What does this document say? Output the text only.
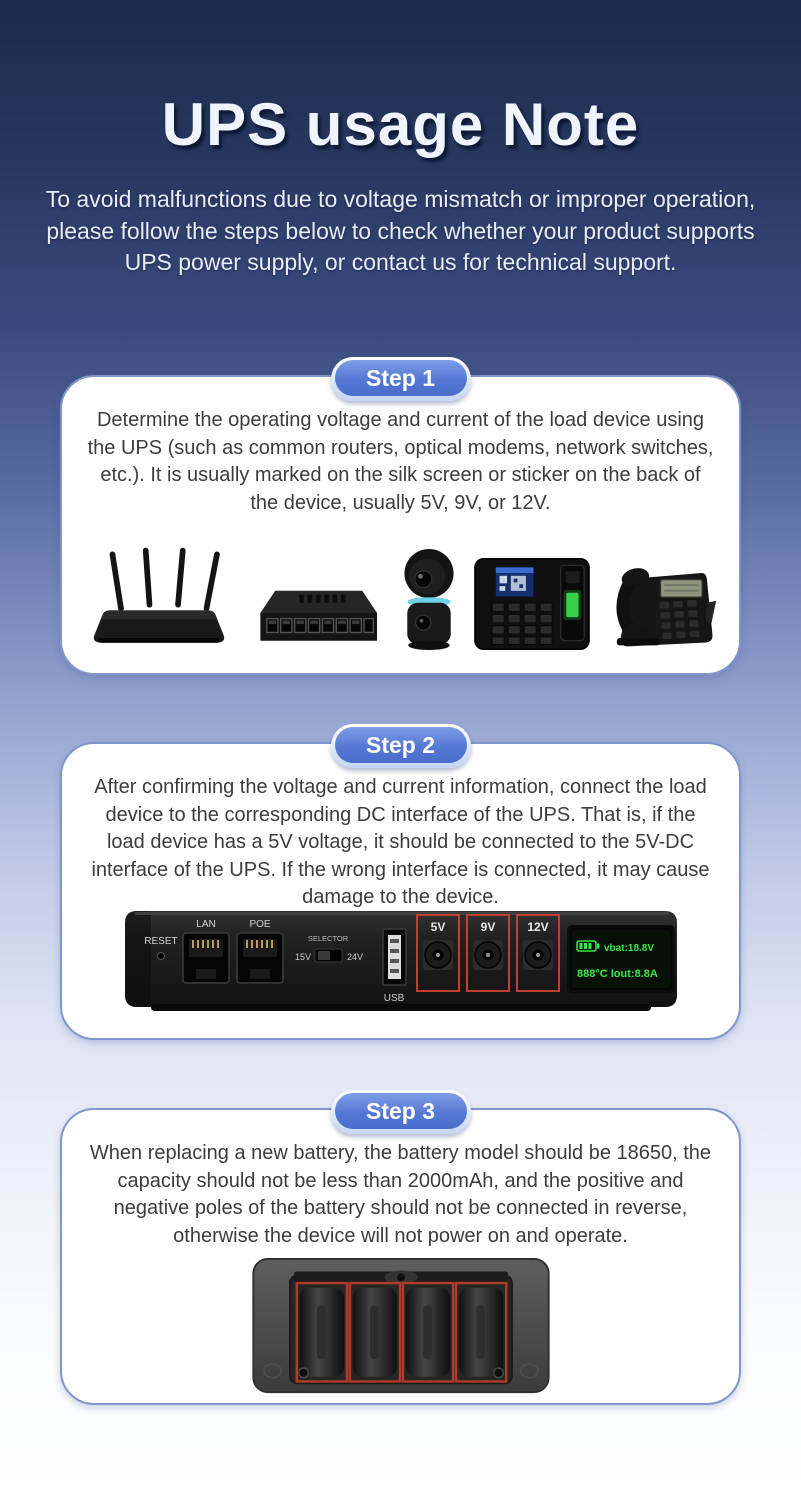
UPS usage Note
To avoid malfunctions due to voltage mismatch or improper operation, please follow the steps below to check whether your product supports UPS power supply, or contact us for technical support.
Step 1
Determine the operating voltage and current of the load device using the UPS (such as common routers, optical modems, network switches, etc.). It is usually marked on the silk screen or sticker on the back of the device, usually 5V, 9V, or 12V.
Step 2
After confirming the voltage and current information, connect the load device to the corresponding DC interface of the UPS. That is, if the load device has a 5V voltage, it should be connected to the 5V-DC interface of the UPS. If the wrong interface is connected, it may cause damage to the device.
RESET
LAN	POE
SELECTOR
15V	24V
USB
5V	9V	12V
vbat:18.8V
888°C Iout:8.8A
Step 3
When replacing a new battery, the battery model should be 18650, the capacity should not be less than 2000mAh, and the positive and negative poles of the battery should not be connected in reverse, otherwise the device will not power on and operate.
